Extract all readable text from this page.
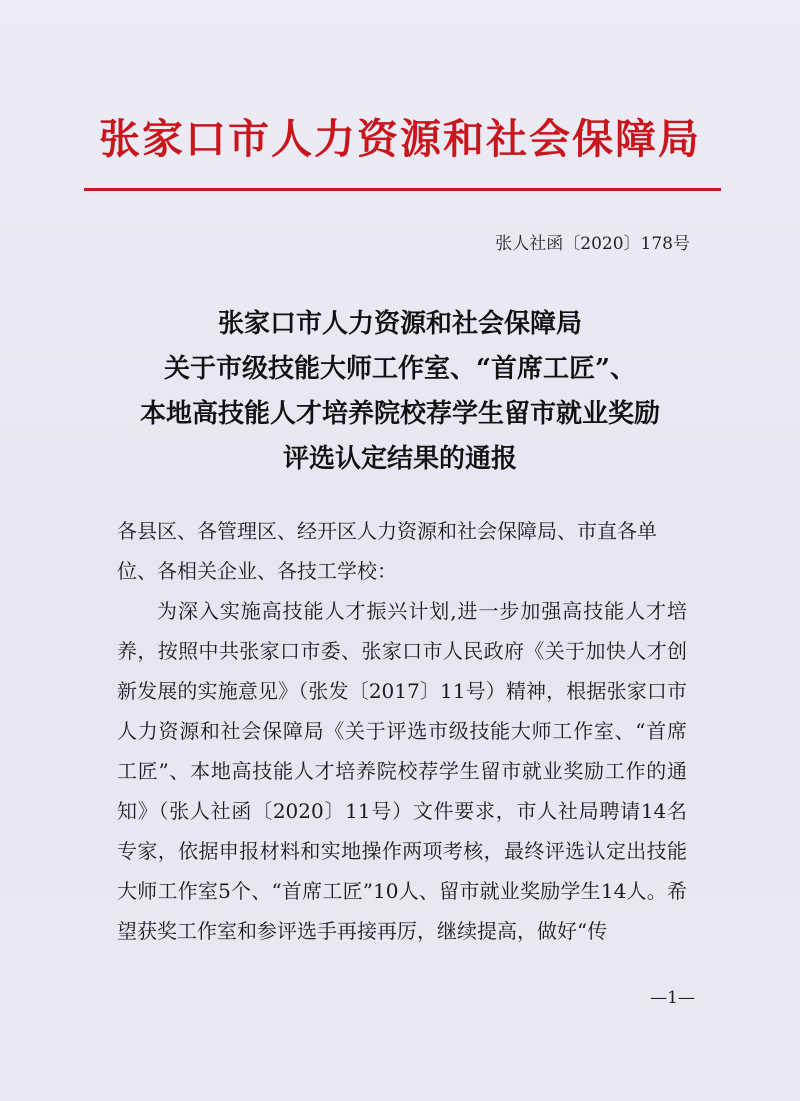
张家口市人力资源和社会保障局
张人社函〔2020〕178号
张家口市人力资源和社会保障局
关于市级技能大师工作室、“首席工匠”、
本地高技能人才培养院校荐学生留市就业奖励
评选认定结果的通报

各县区、各管理区、经开区人力资源和社会保障局、市直各单位、各相关企业、各技工学校：

为深入实施高技能人才振兴计划,进一步加强高技能人才培养，按照中共张家口市委、张家口市人民政府《关于加快人才创新发展的实施意见》（张发〔2017〕11号）精神，根据张家口市人力资源和社会保障局《关于评选市级技能大师工作室、“首席工匠”、本地高技能人才培养院校荐学生留市就业奖励工作的通知》（张人社函〔2020〕11号）文件要求，市人社局聘请14名专家，依据申报材料和实地操作两项考核，最终评选认定出技能大师工作室5个、“首席工匠”10人、留市就业奖励学生14人。希望获奖工作室和参评选手再接再厉，继续提高，做好“传

—1—
